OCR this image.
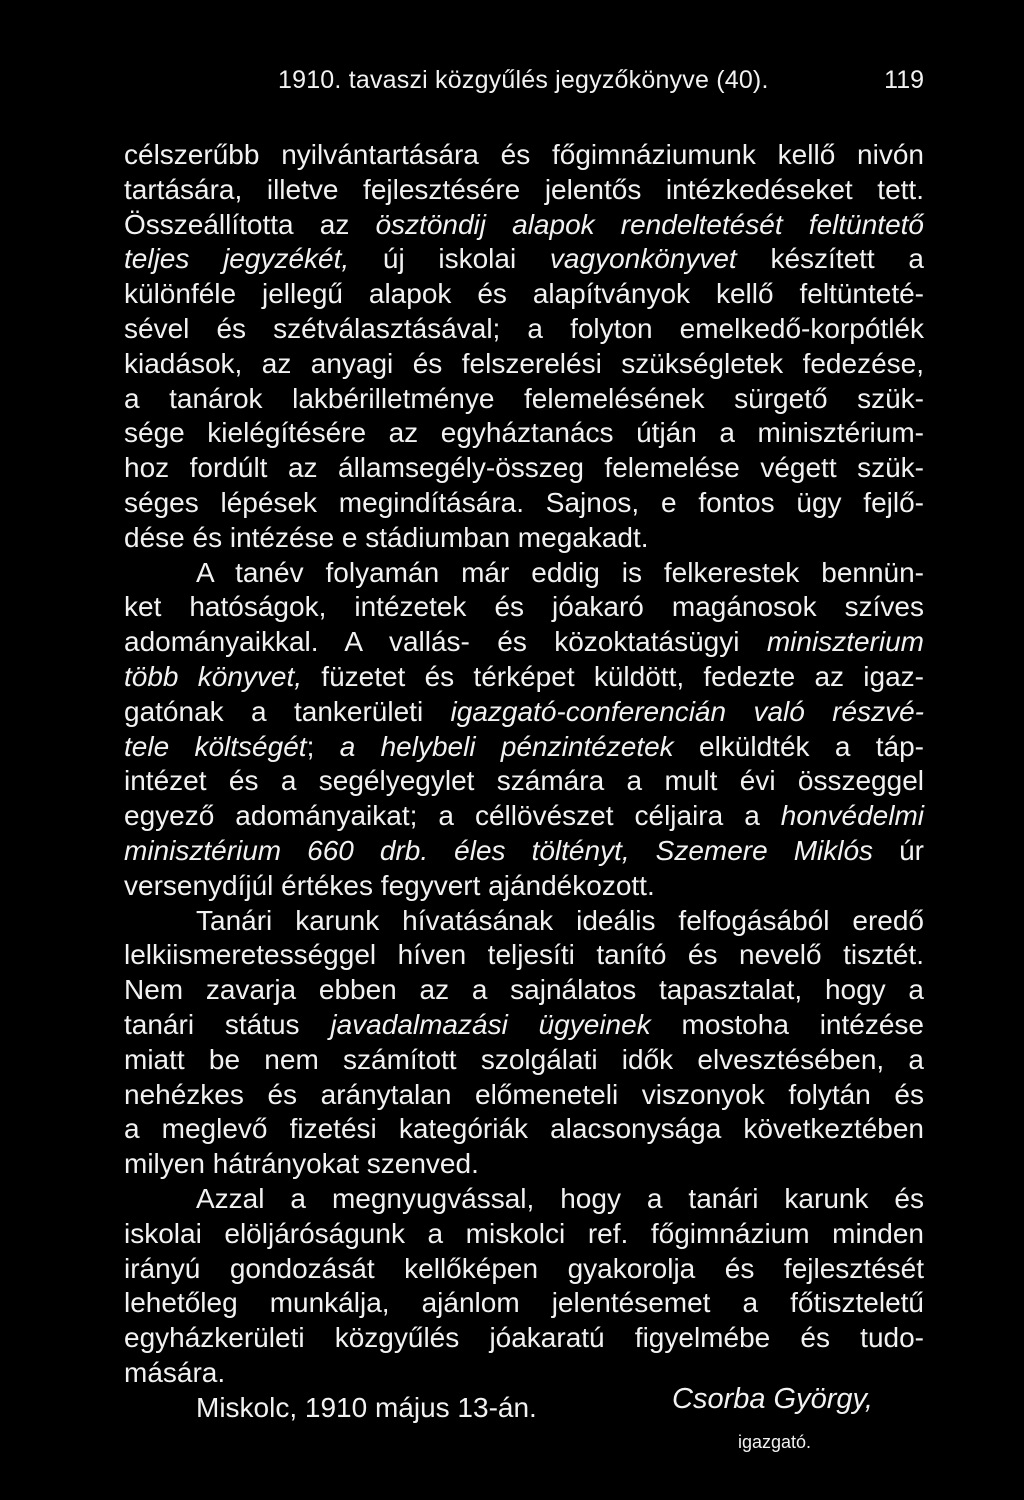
1910. tavaszi közgyűlés jegyzőkönyve (40).	119
célszerűbb nyilvántartására és főgimnáziumunk kellő nivón
tartására, illetve fejlesztésére jelentős intézkedéseket tett.
Összeállította az ösztöndij alapok rendeltetését feltüntető
teljes jegyzékét, új iskolai vagyonkönyvet készített a
különféle jellegű alapok és alapítványok kellő feltünteté-
sével és szétválasztásával; a folyton emelkedő-korpótlék
kiadások, az anyagi és felszerelési szükségletek fedezése,
a tanárok lakbérilletménye felemelésének sürgető szük-
sége kielégítésére az egyháztanács útján a minisztérium-
hoz fordúlt az államsegély-összeg felemelése végett szük-
séges lépések megindítására. Sajnos, e fontos ügy fejlő-
dése és intézése e stádiumban megakadt.
A tanév folyamán már eddig is felkerestek bennün-
ket hatóságok, intézetek és jóakaró magánosok szíves
adományaikkal. A vallás- és közoktatásügyi miniszterium
több könyvet, füzetet és térképet küldött, fedezte az igaz-
gatónak a tankerületi igazgató-conferencián való részvé-
tele költségét; a helybeli pénzintézetek elküldték a táp-
intézet és a segélyegylet számára a mult évi összeggel
egyező adományaikat; a céllövészet céljaira a honvédelmi
minisztérium 660 drb. éles töltényt, Szemere Miklós úr
versenydíjúl értékes fegyvert ajándékozott.
Tanári karunk hívatásának ideális felfogásából eredő
lelkiismeretességgel híven teljesíti tanító és nevelő tisztét.
Nem zavarja ebben az a sajnálatos tapasztalat, hogy a
tanári státus javadalmazási ügyeinek mostoha intézése
miatt be nem számított szolgálati idők elvesztésében, a
nehézkes és aránytalan előmeneteli viszonyok folytán és
a meglevő fizetési kategóriák alacsonysága következtében
milyen hátrányokat szenved.
Azzal a megnyugvással, hogy a tanári karunk és
iskolai elöljáróságunk a miskolci ref. főgimnázium minden
irányú gondozását kellőképen gyakorolja és fejlesztését
lehetőleg munkálja, ajánlom jelentésemet a főtiszteletű
egyházkerületi közgyűlés jóakaratú figyelmébe és tudo-
mására.
Miskolc, 1910 május 13-án.	Csorba György,
igazgató.
